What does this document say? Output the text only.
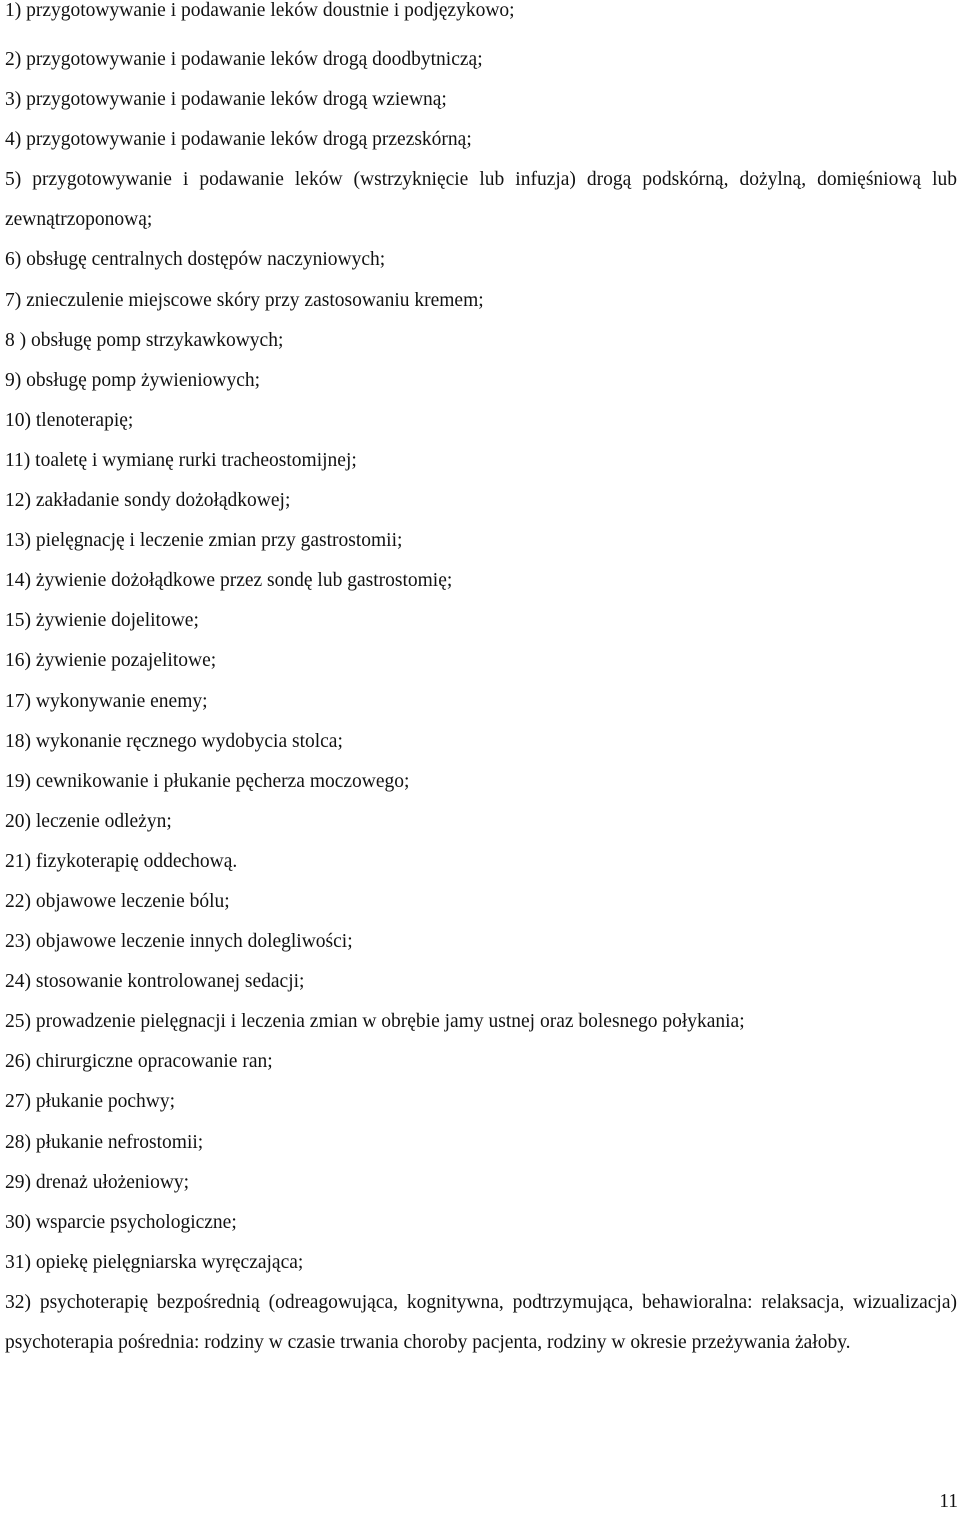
1) przygotowywanie i podawanie leków doustnie i podjęzykowo;

2) przygotowywanie i podawanie leków drogą doodbytniczą;

3) przygotowywanie i podawanie leków drogą wziewną;

4) przygotowywanie i podawanie leków drogą przezskórną;

5) przygotowywanie i podawanie leków (wstrzyknięcie lub infuzja) drogą podskórną, dożylną, domięśniową lub zewnątrzoponową;

6) obsługę centralnych dostępów naczyniowych;

7) znieczulenie miejscowe skóry przy zastosowaniu kremem;

8 ) obsługę pomp strzykawkowych;

9) obsługę pomp żywieniowych;

10) tlenoterapię;

11) toaletę i wymianę rurki tracheostomijnej;

12) zakładanie sondy dożołądkowej;

13) pielęgnację i leczenie zmian przy gastrostomii;

14) żywienie dożołądkowe przez sondę lub gastrostomię;

15) żywienie dojelitowe;

16) żywienie pozajelitowe;

17) wykonywanie enemy;

18) wykonanie ręcznego wydobycia stolca;

19) cewnikowanie i płukanie pęcherza moczowego;

20) leczenie odleżyn;

21) fizykoterapię oddechową.

22) objawowe leczenie bólu;

23) objawowe leczenie innych dolegliwości;

24) stosowanie kontrolowanej sedacji;

25) prowadzenie pielęgnacji i leczenia zmian w obrębie jamy ustnej oraz bolesnego połykania;

26) chirurgiczne opracowanie ran;

27) płukanie pochwy;

28) płukanie nefrostomii;

29) drenaż ułożeniowy;

30) wsparcie psychologiczne;

31) opiekę pielęgniarska wyręczająca;

32) psychoterapię bezpośrednią (odreagowująca, kognitywna, podtrzymująca, behawioralna: relaksacja, wizualizacja) psychoterapia pośrednia: rodziny w czasie trwania choroby pacjenta, rodziny w okresie przeżywania żałoby.

11
